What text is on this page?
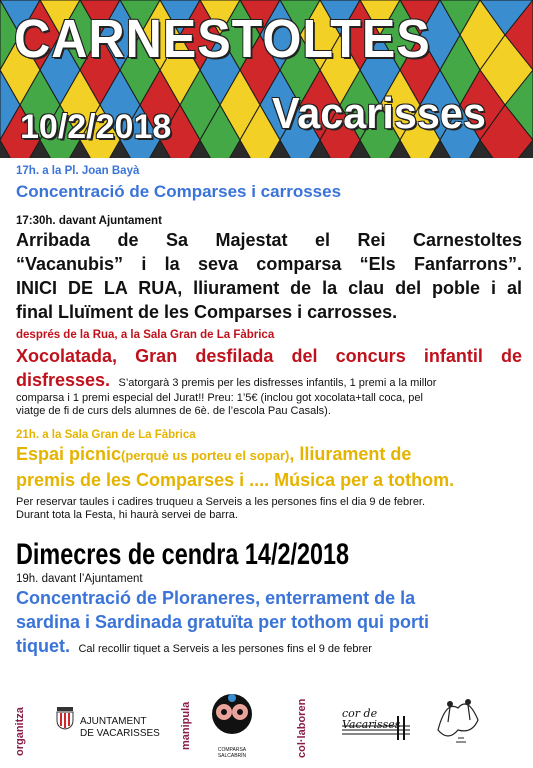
CARNESTOLTES
10/2/2018 Vacarisses
17h. a la Pl. Joan Bayà
Concentració de Comparses i carrosses
17:30h. davant Ajuntament
Arribada de Sa Majestat el Rei Carnestoltes
“Vacanubis” i la seva comparsa “Els Fanfarrons”.
INICI DE LA RUA, lliurament de la clau del poble i al
final Lluïment de les Comparses i carrosses.
després de la Rua, a la Sala Gran de La Fàbrica
Xocolatada, Gran desfilada del concurs infantil de
disfresses. S’atorgarà 3 premis per les disfresses infantils, 1 premi a la millor
comparsa i 1 premi especial del Jurat!! Preu: 1’5€ (inclou got xocolata+tall coca, pel
viatge de fi de curs dels alumnes de 6è. de l’escola Pau Casals).
21h. a la Sala Gran de La Fàbrica
Espai picnic(perquè us porteu el sopar), lliurament de
premis de les Comparses i .... Música per a tothom.
Per reservar taules i cadires truqueu a Serveis a les persones fins el dia 9 de febrer.
Durant tota la Festa, hi haurà servei de barra.
Dimecres de cendra 14/2/2018
19h. davant l’Ajuntament
Concentració de Ploraneres, enterrament de la
sardina i Sardinada gratuïta per tothom qui porti
tiquet. Cal recollir tiquet a Serveis a les persones fins el 9 de febrer
organitza	AJUNTAMENT
DE VACARISSES manipula	COMPARSA SALCABRÍN	col·laboren	cor de Vacarisses
